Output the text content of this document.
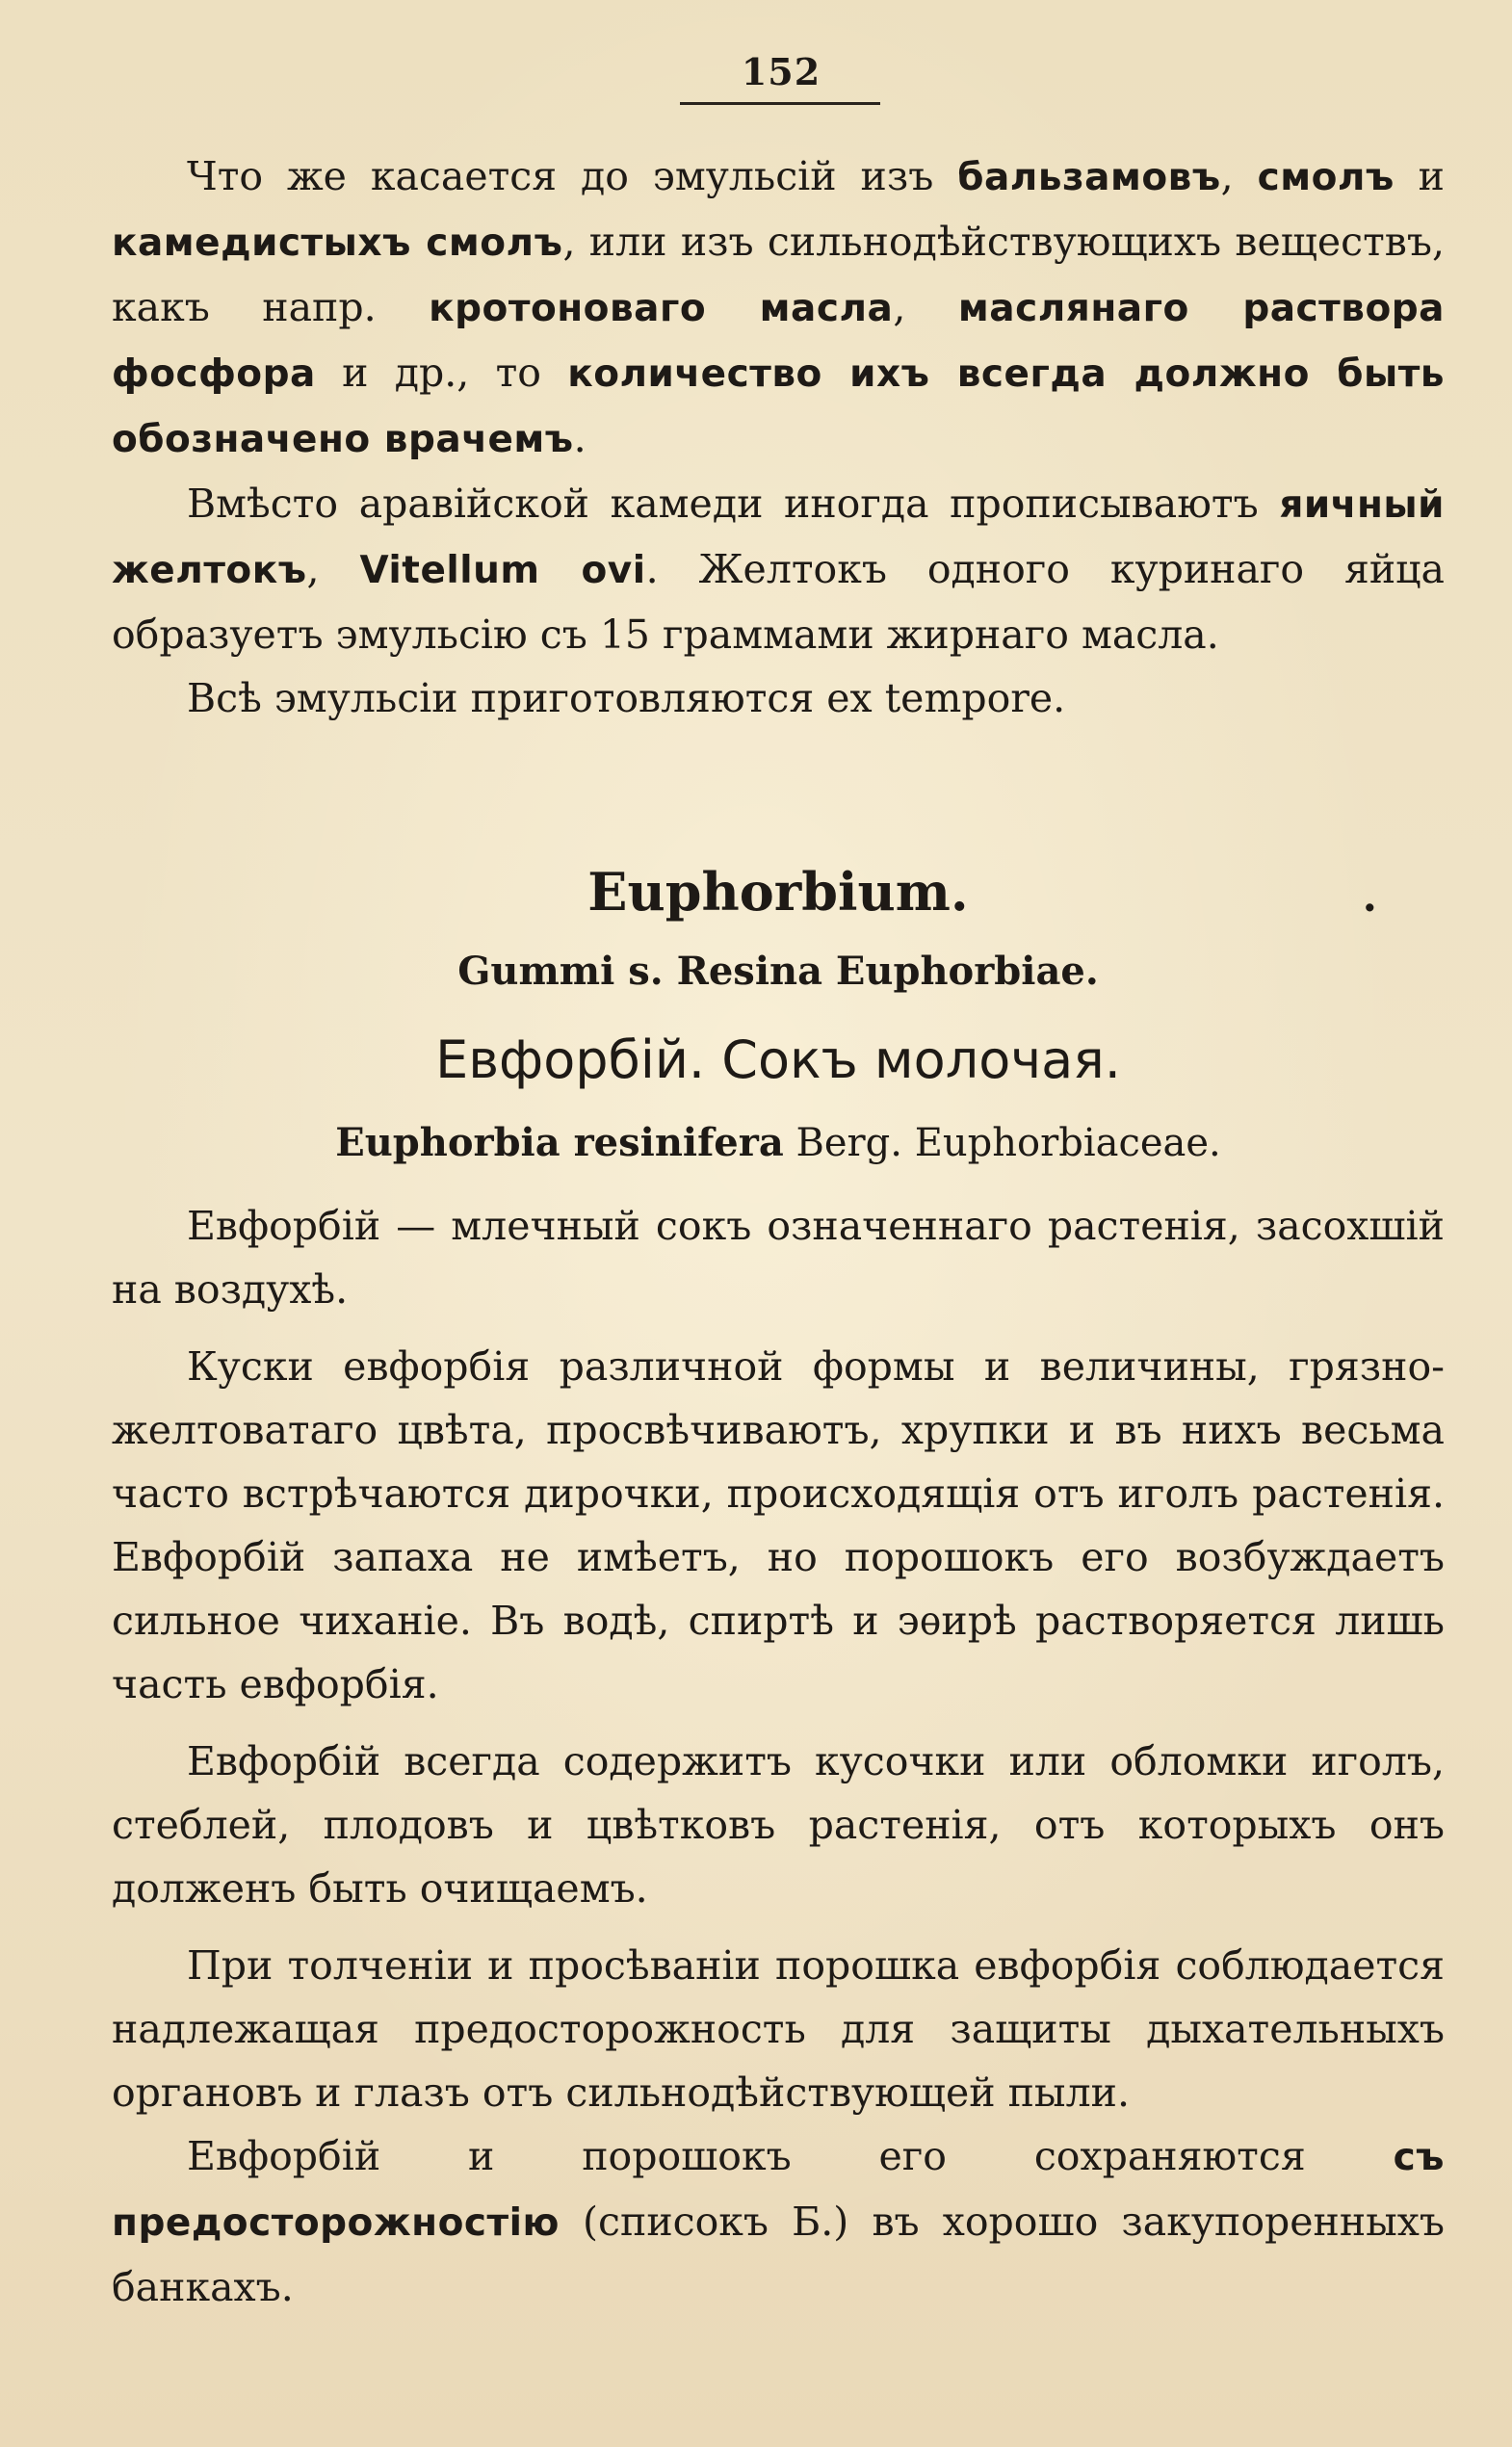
152

Что же касается до эмульсій изъ бальзамовъ, смолъ и камедистыхъ смолъ, или изъ сильнодѣйствующихъ веществъ, какъ напр. кротоноваго масла, маслянаго раствора фосфора и др., то количество ихъ всегда должно быть обозначено врачемъ.

Вмѣсто аравійской камеди иногда прописываютъ яичный желтокъ, Vitellum ovi. Желтокъ одного куринаго яйца образуетъ эмульсію съ 15 граммами жирнаго масла.

Всѣ эмульсіи приготовляются ex tempore.

Euphorbium.	.
Gummi s. Resina Euphorbiae.
Евфорбій. Сокъ молочая.
Euphorbia resinifera Berg. Euphorbiaceae.

Евфорбій — млечный сокъ означеннаго растенія, засохшій на воздухѣ.

Куски евфорбія различной формы и величины, грязно-желтоватаго цвѣта, просвѣчиваютъ, хрупки и въ нихъ весьма часто встрѣчаются дирочки, происходящія отъ иголъ растенія. Евфорбій запаха не имѣетъ, но порошокъ его возбуждаетъ сильное чиханіе. Въ водѣ, спиртѣ и эѳирѣ растворяется лишь часть евфорбія.

Евфорбій всегда содержитъ кусочки или обломки иголъ, стеблей, плодовъ и цвѣтковъ растенія, отъ которыхъ онъ долженъ быть очищаемъ.

При толченіи и просѣваніи порошка евфорбія соблюдается надлежащая предосторожность для защиты дыхательныхъ органовъ и глазъ отъ сильнодѣйствующей пыли.

Евфорбій и порошокъ его сохраняются съ предосторожностію (списокъ Б.) въ хорошо закупоренныхъ банкахъ.
